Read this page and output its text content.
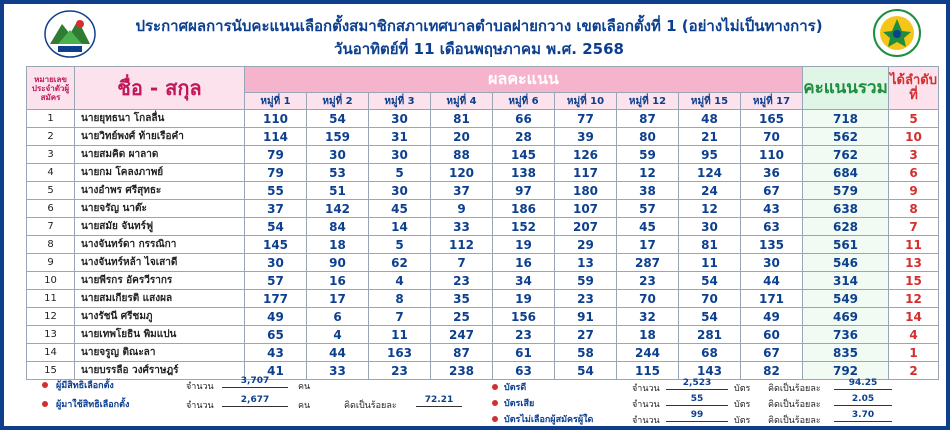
ประกาศผลการนับคะแนนเลือกตั้งสมาชิกสภาเทศบาลตำบลฝายกวาง เขตเลือกตั้งที่ 1 (อย่างไม่เป็นทางการ)
วันอาทิตย์ที่ 11 เดือนพฤษภาคม พ.ศ. 2568
หมายเลขประจำตัวผู้สมัคร	ชื่อ - สกุล	ผลคะแนน									คะแนนรวม	ได้ลำดับที่
		หมู่ที่ 1	หมู่ที่ 2	หมู่ที่ 3	หมู่ที่ 4	หมู่ที่ 6	หมู่ที่ 10	หมู่ที่ 12	หมู่ที่ 15	หมู่ที่ 17		
1	นายยุทธนา โกลลื่น	110	54	30	81	66	77	87	48	165	718	5
2	นายวิทย์พงศ์ ท้ายเรือคำ	114	159	31	20	28	39	80	21	70	562	10
3	นายสมคิด ผาลาด	79	30	30	88	145	126	59	95	110	762	3
4	นายกม โคลงภาพย์	79	53	5	120	138	117	12	124	36	684	6
5	นางอำพร ศรีสุทธะ	55	51	30	37	97	180	38	24	67	579	9
6	นายจรัญ นาต๊ะ	37	142	45	9	186	107	57	12	43	638	8
7	นายสมัย จันทร์ฟู	54	84	14	33	152	207	45	30	63	628	7
8	นางจันทร์ดา กรรณิกา	145	18	5	112	19	29	17	81	135	561	11
9	นางจันทร์หล้า ไจเสาดี	30	90	62	7	16	13	287	11	30	546	13
10	นายพีรกร อัครวีรากร	57	16	4	23	34	59	23	54	44	314	15
11	นายสมเกียรติ แสงผล	177	17	8	35	19	23	70	70	171	549	12
12	นางรัชนี ศรีชมภู	49	6	7	25	156	91	32	54	49	469	14
13	นายเทพโยธิน พิมแปน	65	4	11	247	23	27	18	281	60	736	4
14	นายจรูญ ติณะลา	43	44	163	87	61	58	244	68	67	835	1
15	นายบรรลือ วงศ์ราษฎร์	41	33	23	238	63	54	115	143	82	792	2
ผู้มีสิทธิเลือกตั้ง	จำนวน
3,707
คน
ผู้มาใช้สิทธิเลือกตั้ง	จำนวน
2,677
คน	คิดเป็นร้อยละ
72.21
บัตรดี	จำนวน
2,523
บัตร คิดเป็นร้อยละ
94.25
บัตรเสีย	จำนวน
55
บัตร คิดเป็นร้อยละ
2.05
บัตรไม่เลือกผู้สมัครผู้ใด	จำนวน
99
บัตร คิดเป็นร้อยละ
3.70
